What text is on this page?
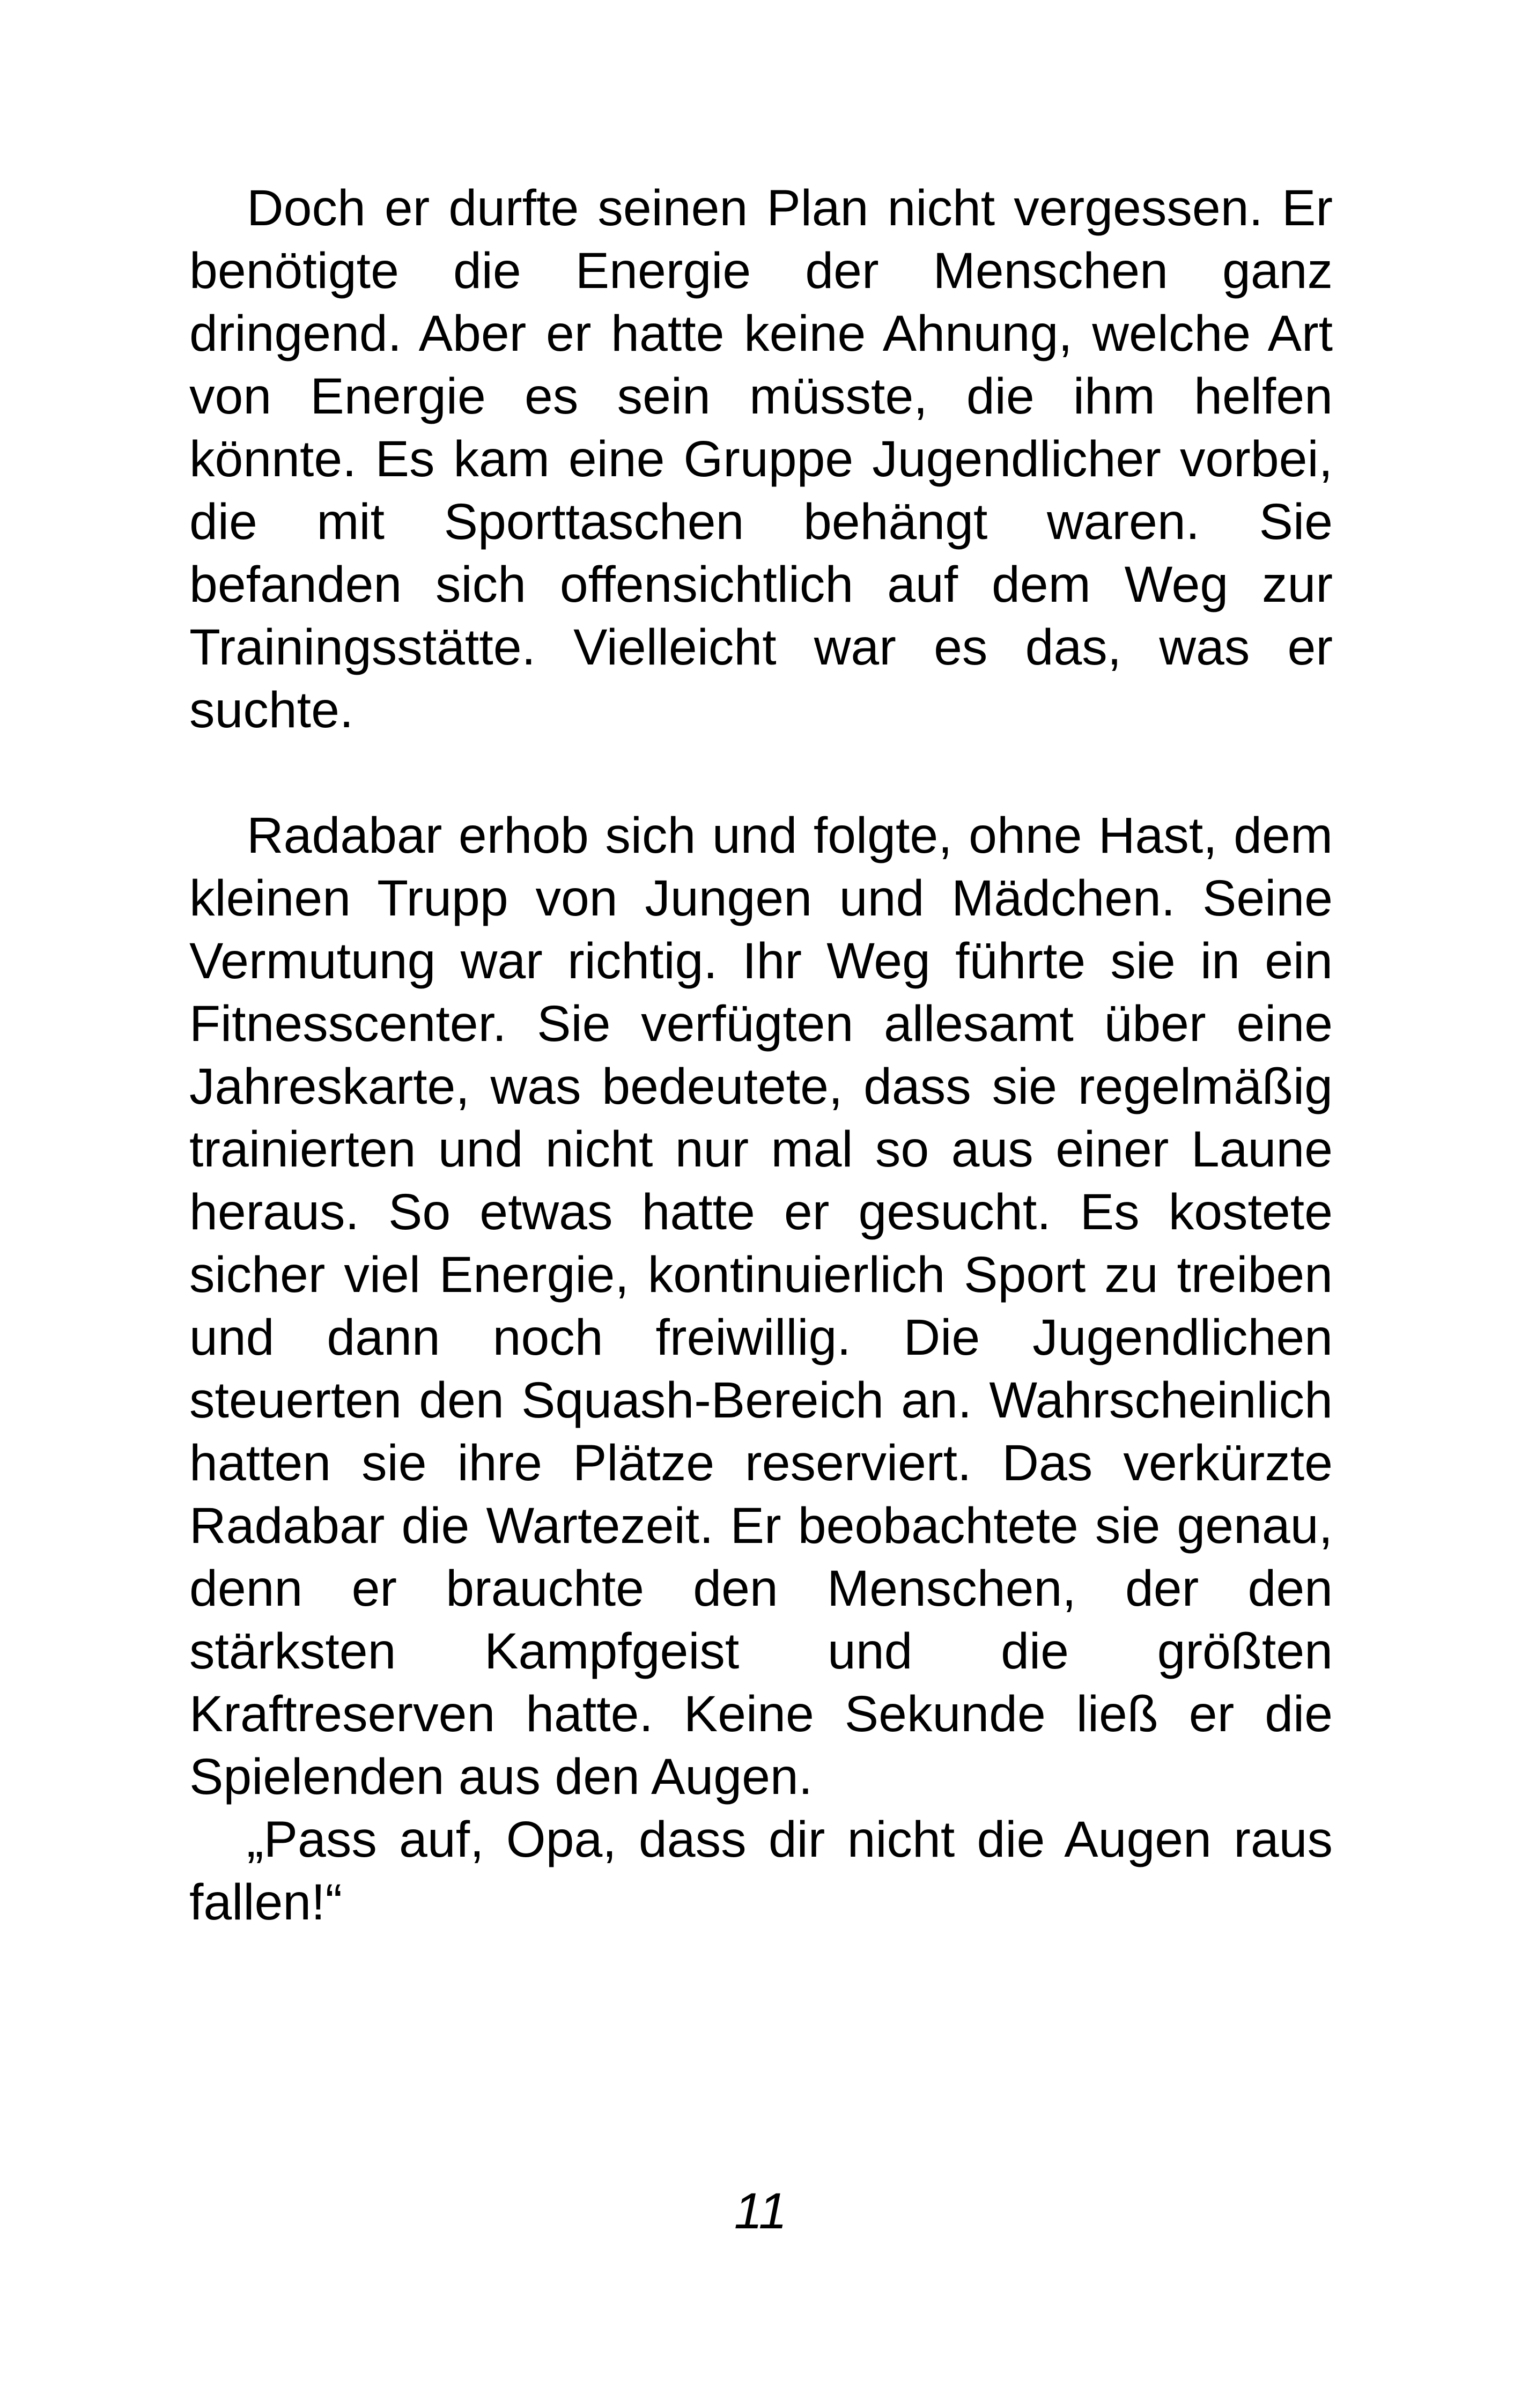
Doch er durfte seinen Plan nicht vergessen. Er benötigte die Energie der Menschen ganz dringend. Aber er hatte keine Ahnung, welche Art von Energie es sein müsste, die ihm helfen könnte. Es kam eine Gruppe Jugendlicher vorbei, die mit Sporttaschen behängt waren. Sie befanden sich offensichtlich auf dem Weg zur Trainingsstätte. Vielleicht war es das, was er suchte.

Radabar erhob sich und folgte, ohne Hast, dem kleinen Trupp von Jungen und Mädchen. Seine Vermutung war richtig. Ihr Weg führte sie in ein Fitnesscenter. Sie verfügten allesamt über eine Jahreskarte, was bedeutete, dass sie regelmäßig trainierten und nicht nur mal so aus einer Laune heraus. So etwas hatte er gesucht. Es kostete sicher viel Energie, kontinuierlich Sport zu treiben und dann noch freiwillig. Die Jugendlichen steuerten den Squash-Bereich an. Wahrscheinlich hatten sie ihre Plätze reserviert. Das verkürzte Radabar die Wartezeit. Er beobachtete sie genau, denn er brauchte den Menschen, der den stärksten Kampfgeist und die größten Kraftreserven hatte. Keine Sekunde ließ er die Spielenden aus den Augen.

„Pass auf, Opa, dass dir nicht die Augen raus fallen!“

11
